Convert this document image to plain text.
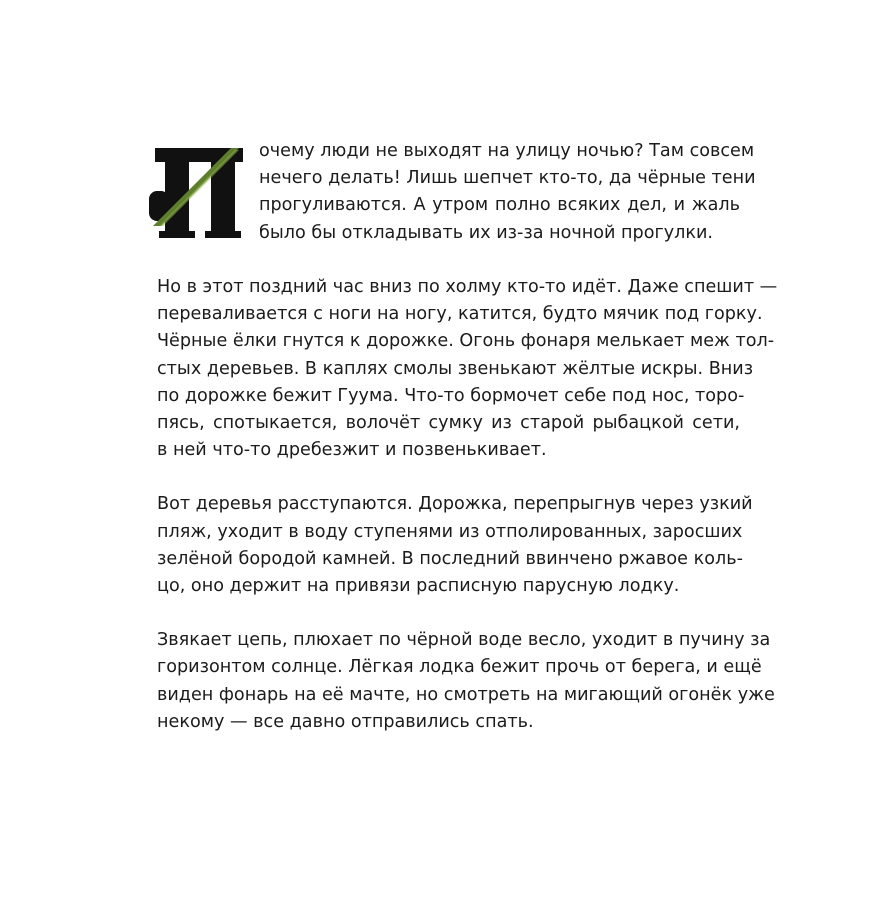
очему люди не выходят на улицу ночью? Там совсем
нечего делать! Лишь шепчет кто-то, да чёрные тени
прогуливаются. А утром полно всяких дел, и жаль
было бы откладывать их из-за ночной прогулки.
Но в этот поздний час вниз по холму кто-то идёт. Даже спешит —
переваливается с ноги на ногу, катится, будто мячик под горку.
Чёрные ёлки гнутся к дорожке. Огонь фонаря мелькает меж тол-
стых деревьев. В каплях смолы звенькают жёлтые искры. Вниз
по дорожке бежит Гуума. Что-то бормочет себе под нос, торо-
пясь, спотыкается, волочёт сумку из старой рыбацкой сети,
в ней что-то дребезжит и позвенькивает.
Вот деревья расступаются. Дорожка, перепрыгнув через узкий
пляж, уходит в воду ступенями из отполированных, заросших
зелёной бородой камней. В последний ввинчено ржавое коль-
цо, оно держит на привязи расписную парусную лодку.
Звякает цепь, плюхает по чёрной воде весло, уходит в пучину за
горизонтом солнце. Лёгкая лодка бежит прочь от берега, и ещё
виден фонарь на её мачте, но смотреть на мигающий огонёк уже
некому — все давно отправились спать.
